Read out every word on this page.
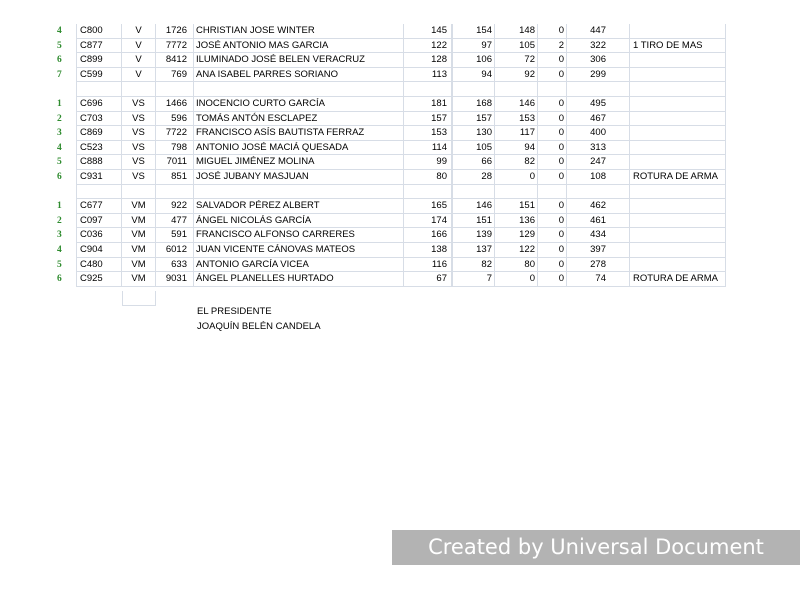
4	C800	V	1726 CHRISTIAN JOSE WINTER	145	154	148	0	447
5	C877	V	7772 JOSÉ ANTONIO MAS GARCIA	122	97	105	2	322	1 TIRO DE MAS
6	C899	V	8412 ILUMINADO JOSÉ BELEN VERACRUZ	128	106	72	0	306
7	C599	V	769 ANA ISABEL PARRES SORIANO	113	94	92	0	299
1	C696	VS	1466 INOCENCIO CURTO GARCÍA	181	168	146	0	495
2	C703	VS	596 TOMÁS ANTÓN ESCLAPEZ	157	157	153	0	467
3	C869	VS	7722 FRANCISCO ASÍS BAUTISTA FERRAZ	153	130	117	0	400
4	C523	VS	798 ANTONIO JOSÉ MACIÁ QUESADA	114	105	94	0	313
5	C888	VS	7011 MIGUEL JIMÉNEZ MOLINA	99	66	82	0	247
6	C931	VS	851 JOSÉ JUBANY MASJUAN	80	28	0	0	108	ROTURA DE ARMA
1	C677	VM	922 SALVADOR PÉREZ ALBERT	165	146	151	0	462
2	C097	VM	477 ÁNGEL NICOLÁS GARCÍA	174	151	136	0	461
3	C036	VM	591 FRANCISCO ALFONSO CARRERES	166	139	129	0	434
4	C904	VM	6012 JUAN VICENTE CÁNOVAS MATEOS	138	137	122	0	397
5	C480	VM	633 ANTONIO GARCÍA VICEA	116	82	80	0	278
6	C925	VM	9031 ÁNGEL PLANELLES HURTADO	67	7	0	0	74	ROTURA DE ARMA
EL PRESIDENTE
JOAQUÍN BELÉN CANDELA
Created by Universal Document Converter
